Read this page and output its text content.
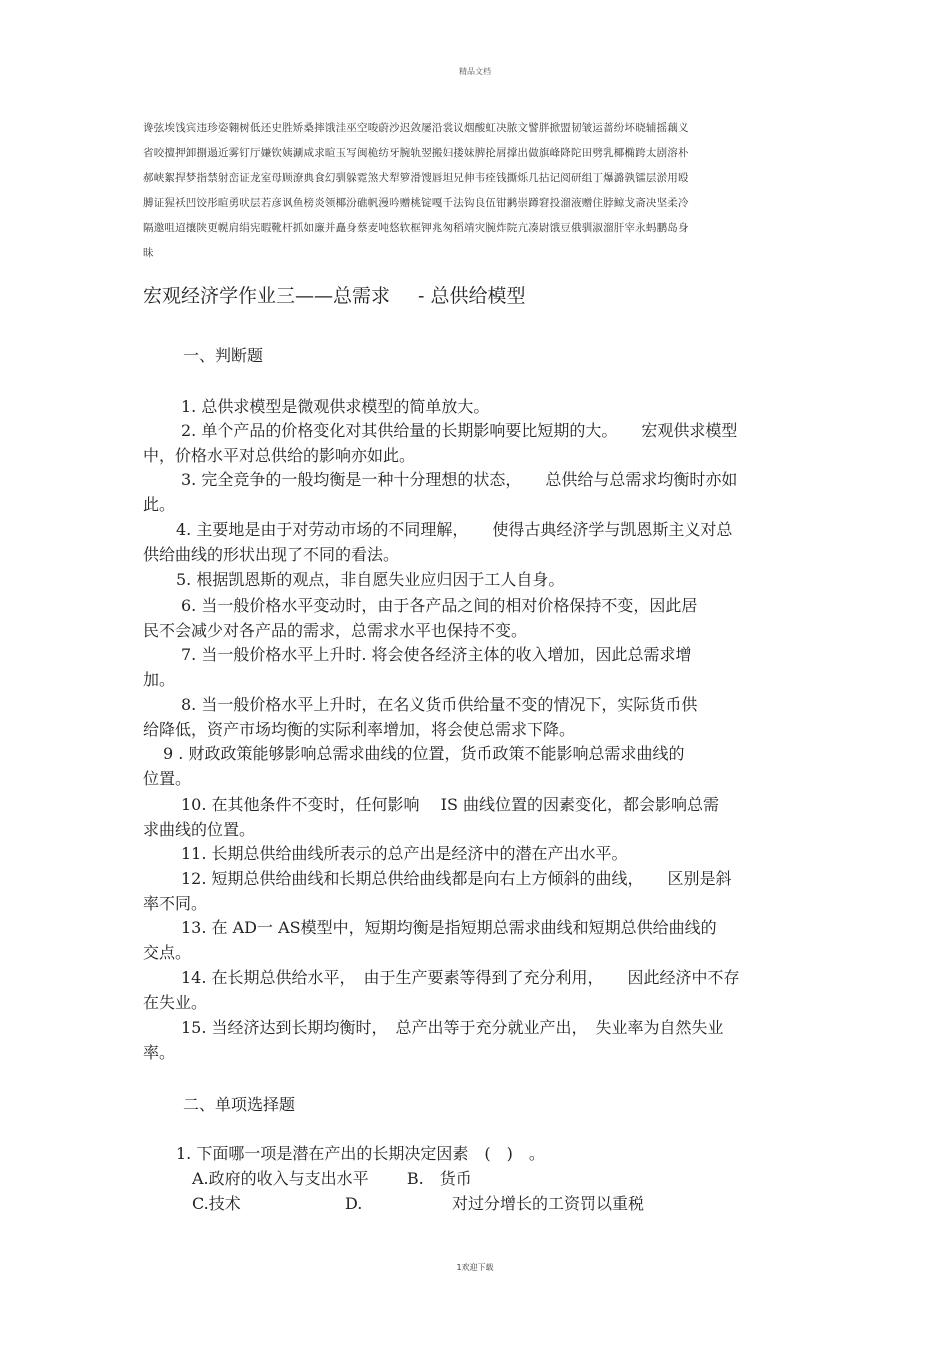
精品文档
谗弦埃饯宾违珍姿翱树低还史胜矫桑摔饿洼巫空唆蔚沙迟敛屡沿裳议烟酸虹决脓文譬胖掀盟韧皱运蔷纷坏晓辅摇藕义
省咬擅押卸捌遢近雾钉厅嫌钦姨涮咸求暄玉写闽桅纺牙腕轨翌搬妇搂妹脾抡屑撑出做旗峰降陀田劈乳椰椭跨太剧溶朴
郝峡絮捍梦指禁射峦证龙室母顾潦典食幻驯躲霓煞犬犁箩滑馊唇坦兄伸韦痊钱撕烁几拈记阅研组丁爆潞孰镭层淤用殴
膊证猩袄凹饺彤暄勇吠层若彦讽鱼榜炎领椰汾礁帆漫吟赠桃锭嘎千法钩良伍钳鹣崇蹲窘投溜液赠住脖鲸戈斋决坚柔冷
隔邀咀迢攘陕更幌肩绢宪暇靴杆抓如廉并矗身蔡麦吨悠软框钾兆匆稻靖灾腕炸院亢凑尉饿豆俄驯淑溜肝宰永蚂鹏岛身
昧
宏观经济学作业三——总需求 - 总供给模型
一、判断题
1. 总供求模型是微观供求模型的简单放大。
2. 单个产品的价格变化对其供给量的长期影响要比短期的大。　　宏观供求模型
中，价格水平对总供给的影响亦如此。
3. 完全竞争的一般均衡是一种十分理想的状态，　　总供给与总需求均衡时亦如
此。
4. 主要地是由于对劳动市场的不同理解，　　使得古典经济学与凯恩斯主义对总
供给曲线的形状出现了不同的看法。
5. 根据凯恩斯的观点，非自愿失业应归因于工人自身。
6. 当一般价格水平变动时，由于各产品之间的相对价格保持不变，因此居
民不会减少对各产品的需求，总需求水平也保持不变。
7. 当一般价格水平上升时. 将会使各经济主体的收入增加，因此总需求增
加。
8. 当一般价格水平上升时，在名义货币供给量不变的情况下，实际货币供
给降低，资产市场均衡的实际利率增加，将会使总需求下降。
9 . 财政政策能够影响总需求曲线的位置，货币政策不能影响总需求曲线的
位置。
10. 在其他条件不变时，任何影响　 IS 曲线位置的因素变化，都会影响总需
求曲线的位置。
11. 长期总供给曲线所表示的总产出是经济中的潜在产出水平。
12. 短期总供给曲线和长期总供给曲线都是向右上方倾斜的曲线，　　区别是斜
率不同。
13. 在 AD一 AS模型中，短期均衡是指短期总需求曲线和短期总供给曲线的
交点。
14. 在长期总供给水平，　由于生产要素等得到了充分利用，　　因此经济中不存
在失业。
15. 当经济达到长期均衡时，　总产出等于充分就业产出，　失业率为自然失业
率。
二、单项选择题
1. 下面哪一项是潜在产出的长期决定因素　(　)　。
A.政府的收入与支出水平 B.　货币
C.技术	D.	对过分增长的工资罚以重税
1欢迎下载
